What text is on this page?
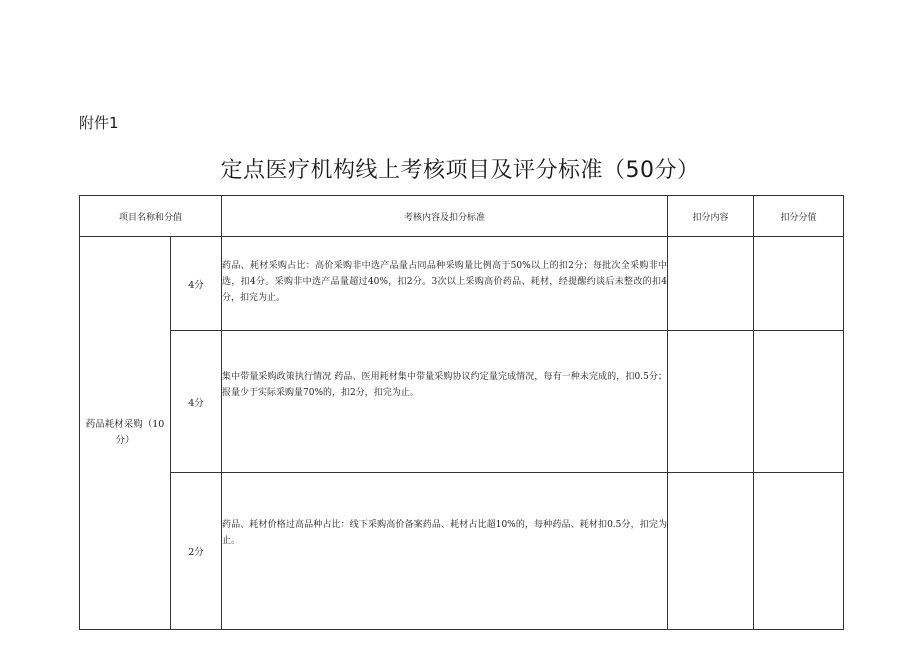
附件1
定点医疗机构线上考核项目及评分标准（50分）
项目名称和分值		考核内容及扣分标准	扣分内容	扣分分值
药品耗材采购（10分）	4分	药品、耗材采购占比：高价采购非中选产品量占同品种采购量比例高于50%以上的扣2分；每批次全采购非中选，扣4分。采购非中选产品量超过40%，扣2分。3次以上采购高价药品、耗材，经提醒约谈后未整改的扣4分，扣完为止。		
	4分	集中带量采购政策执行情况 药品、医用耗材集中带量采购协议约定量完成情况，每有一种未完成的，扣0.5分；报量少于实际采购量70%的，扣2分，扣完为止。		
	2分	药品、耗材价格过高品种占比：线下采购高价备案药品、耗材占比超10%的，每种药品、耗材扣0.5分，扣完为止。		
